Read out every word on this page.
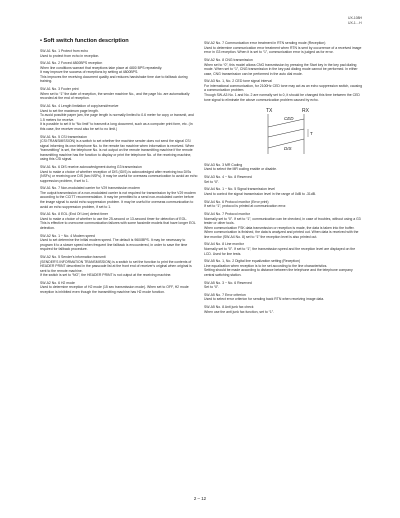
UX-108H
UX-1…H
• Soft switch function description
SW-A1 No. 1 Protect from echo
Used to protect from echo in reception.
SW-A1 No. 2 Forced 4800BPS reception
When line conditions warrant that receptions take place at 4800 BPS repeatedly.
It may improve the success of receptions by setting at 4800BPS.
This improves the receiving document quality and reduces handshake time due to fallback during training.
SW-A1 No. 3 Footer print
When set to “1” the date of reception, the sender machine No., and the page No. are automatically recorded at the end of reception.
SW-A1 No. 4 Length limitation of copy/send/receive
Used to set the maximum page length.
To avoid possible paper jam, the page length is normally limited to 0.6 meter for copy or transmit, and 1.5 meters for receive.
It is possible to set it to “No limit” to transmit a long document, such as a computer print form, etc. (In this case, the receiver must also be set to no limit.)
SW-A1 No. 5 CSI transmission
(CSI:TRANSMISSION) is a switch to set whether the machine sender does not send the signal CSI signal informing its own telephone No. to the remote fax machine when information is received. When “transmitting” is set, the telephone No. is not output on the remote transmitting machine if the remote transmitting machine has the function to display or print the telephone No. of the receiving machine, using this CSI signal.
SW-A1 No. 6 DIS receive acknowledgment during G3 transmission
Used to make a choice of whether reception of DIS (IDIS) is acknowledged after receiving two DISs (NSFs) or receiving one DIS (two NSFs). It may be useful for overseas communication to avoid an echo suppression problem, if set to 1.
SW-A1 No. 7 Non-modulated carrier for V29 transmission modem
The output transmission of a non-modulated carrier is not required for transmission by the V29 modem according to the CCITT recommendation. It may be permitted to a send non-modulated carrier before the image signal to avoid echo suppression problem. It may be useful for overseas communication to avoid an echo suppression problem, if set to 1.
SW-A1 No. 8 EOL (End Of Line) detect timer
Used to make a choice of whether to use the 25-second or 13-second timer for detection of EOL.
This is effective to overcome communication failures with some facsimile models that have longer EOL detection.
SW-A2 No. 1 ~ No. 4 Modem speed
Used to set determine the initial modem speed. The default is 9600BPS. It may be necessary to program it to a slower speed when frequent line fallback is encountered, in order to save the time required for fallback procedure.
SW-A2 No. 5 Sender's information transmit
(SENDER'S INFORMATION TRANSMISSION) is a switch to set the function to print the contents of HEADER PRINT described in the passcode list at the front end of receiver's original when original is sent to the remote machine.
If the switch is set to “NO”, the HEADER PRINT is not output at the receiving machine.
SW-A2 No. 6 H2 mode
Used to determine reception of H2 mode (15 sec transmission mode). When set to OFF, H2 mode reception is inhibited even though the transmitting machine has H2 mode function.
SW-A2 No. 7 Communication error treatment in RTN sending mode (Reception)
Used to determine communication error treatment when RTN is sent by occurrence of a received image error in G3 reception. When it is set to “1”, communication error is judged as for error.
SW-A2 No. 8 CNG transmission
When set to “0”, this model allows CNG transmission by pressing the Start key in the key pad dialing mode. When set to “1”, CNG transmission in the key pad dialing mode cannot be performed. In either case, CNG transmission can be performed in the auto dial mode.
SW-A3 No. 1, No. 2 CED tone signal interval
For international communication, for 2100Hz CED tone may act as an echo suppression switch, causing a communication problem.
Though SW-A3 No. 1 and No. 2 are normally set to 0, it should be changed this time between the CED tone signal to eliminate the above communication problem caused by echo.
TX	RX
CED
T
DIS
SW-A3 No. 3 MR Coding
Used to select the MR coding enable or disable.
SW-A3 No. 4 ~ No. 8 Reserved
Set to “0”.
SW-A4 No. 1 ~ No. 5 Signal transmission level
Used to control the signal transmission level in the range of 0dB to -31dB.
SW-A4 No. 6 Protocol monitor (Error print)
If set to “1”, protocol is printed at communication error.
SW-A4 No. 7 Protocol monitor
Normally set to “0”. If set to “1”, communication can be checked, in case of troubles, without using a G3 tester or other tools.
When communication FSK data transmission or reception is made, the data is taken into the buffer. When communication is finished, the data is analyzed and printed out. When data is received with the line monitor (SW-A4 No. 8) set to “1” the reception level is also printed out.
SW-A4 No. 8 Line monitor
Normally set to “0”. If set to “1”, the transmission speed and the reception level are displayed on the LCD. Used for line tests.
SW-A5 No. 1, No. 2 Digital line equalization setting (Reception)
Line equalization when reception is to be set according to the line characteristics.
Setting should be made according to distance between the telephone and the telephone company central switching station.
SW-A5 No. 3 ~ No. 6 Reserved
Set to “0”.
SW-A5 No. 7 Error criterion
Used to select error criterion for sending back RTN when receiving image data.
SW-A5 No. 8 Anti junk fax check
When use the anti junk fax function, set to “1”.
2 – 12
